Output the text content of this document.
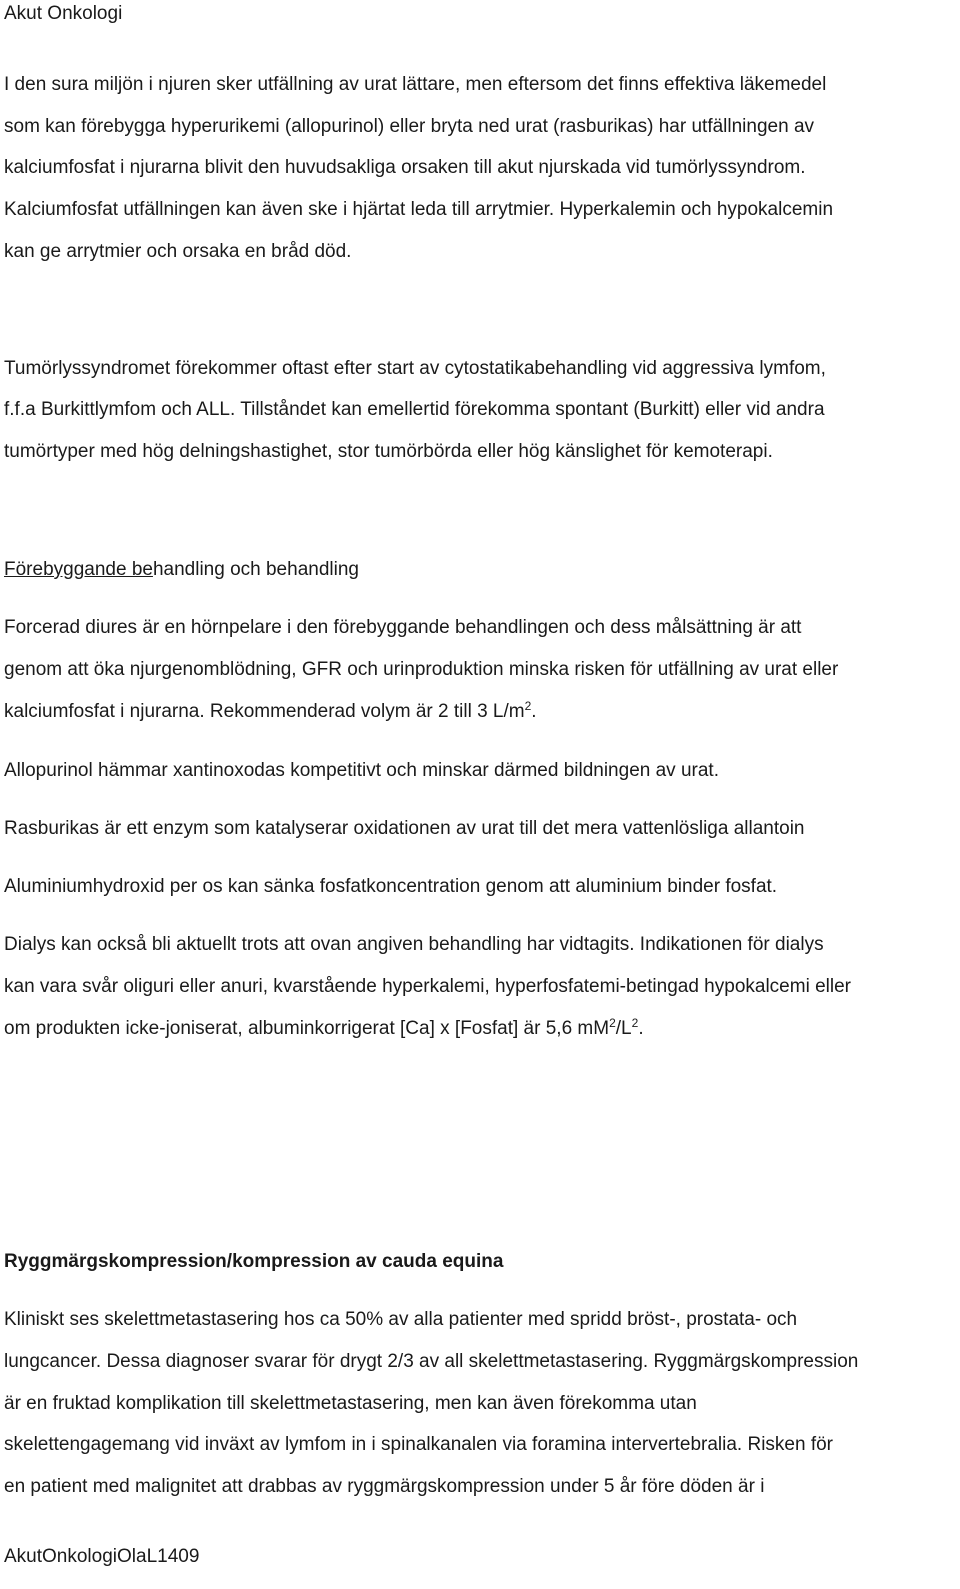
Akut Onkologi
I den sura miljön i njuren sker utfällning av urat lättare, men eftersom det finns effektiva läkemedel
som kan förebygga hyperurikemi (allopurinol) eller bryta ned urat (rasburikas) har utfällningen av
kalciumfosfat i njurarna blivit den huvudsakliga orsaken till akut njurskada vid tumörlyssyndrom.
Kalciumfosfat utfällningen kan även ske i hjärtat leda till arrytmier. Hyperkalemin och hypokalcemin
kan ge arrytmier och orsaka en bråd död.
Tumörlyssyndromet förekommer oftast efter start av cytostatikabehandling vid aggressiva lymfom,
f.f.a Burkittlymfom och ALL. Tillståndet kan emellertid förekomma spontant (Burkitt) eller vid andra
tumörtyper med hög delningshastighet, stor tumörbörda eller hög känslighet för kemoterapi.
Förebyggande behandling och behandling
Forcerad diures är en hörnpelare i den förebyggande behandlingen och dess målsättning är att
genom att öka njurgenomblödning, GFR och urinproduktion minska risken för utfällning av urat eller
kalciumfosfat i njurarna. Rekommenderad volym är 2 till 3 $L/m^2$.
Allopurinol hämmar xantinoxodas kompetitivt och minskar därmed bildningen av urat.
Rasburikas är ett enzym som katalyserar oxidationen av urat till det mera vattenlösliga allantoin
Aluminiumhydroxid per os kan sänka fosfatkoncentration genom att aluminium binder fosfat.
Dialys kan också bli aktuellt trots att ovan angiven behandling har vidtagits. Indikationen för dialys
kan vara svår oliguri eller anuri, kvarstående hyperkalemi, hyperfosfatemi-betingad hypokalcemi eller
om produkten icke-joniserat, albuminkorrigerat [Ca] x [Fosfat] är 5,6 $mM^2/L^2$.
Ryggmärgskompression/kompression av cauda equina
Kliniskt ses skelettmetastasering hos ca 50% av alla patienter med spridd bröst-, prostata- och
lungcancer. Dessa diagnoser svarar för drygt 2/3 av all skelettmetastasering. Ryggmärgskompression
är en fruktad komplikation till skelettmetastasering, men kan även förekomma utan
skelettengagemang vid inväxt av lymfom in i spinalkanalen via foramina intervertebralia. Risken för
en patient med malignitet att drabbas av ryggmärgskompression under 5 år före döden är i
AkutOnkologiOlaL1409
